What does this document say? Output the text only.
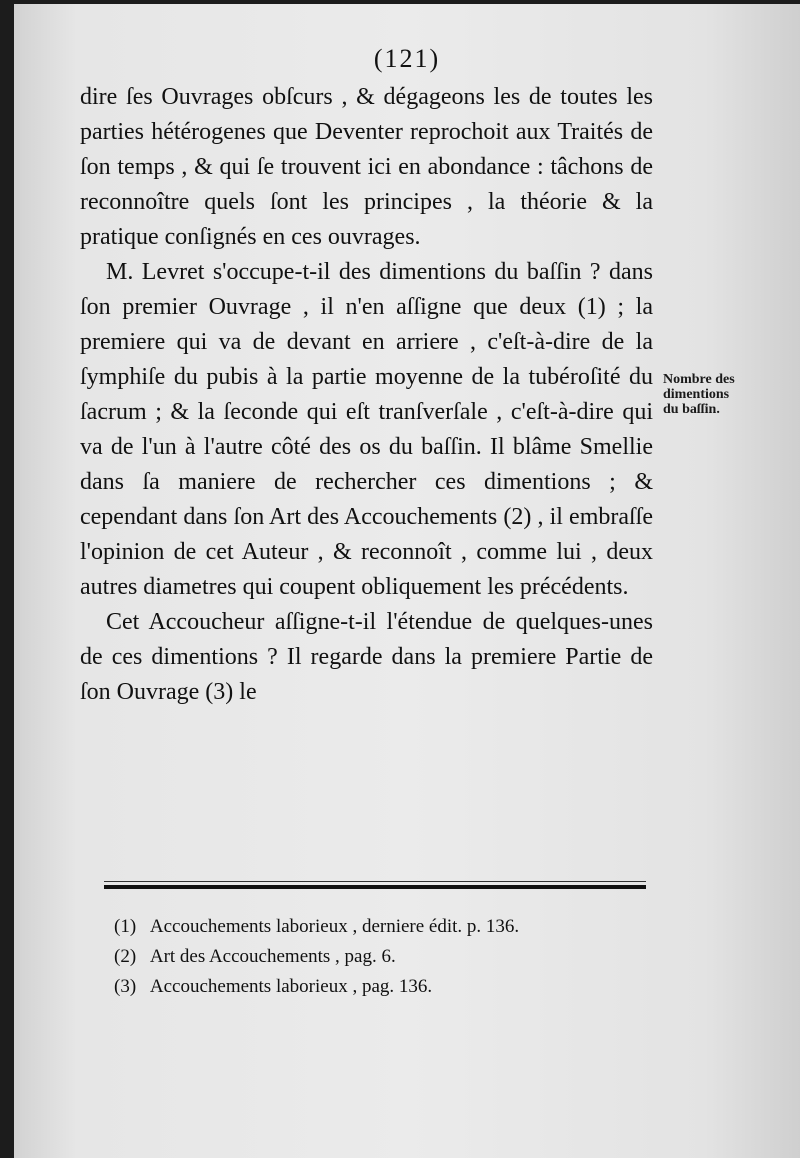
(121)

dire ſes Ouvrages obſcurs , & dégageons les de toutes les parties hétérogenes que Deventer reprochoit aux Traités de ſon temps , & qui ſe trouvent ici en abondance : tâchons de reconnoître quels ſont les principes , la théorie & la pratique conſignés en ces ouvrages.

M. Levret s'occupe-t-il des dimentions du baſſin ? dans ſon premier Ouvrage , il n'en aſſigne que deux (1) ; la premiere qui va de devant en arriere , c'eſt-à-dire de la ſymphiſe du pubis à la partie moyenne de la tubéroſité du ſacrum ; & la ſeconde qui eſt tranſverſale , c'eſt-à-dire qui va de l'un à l'autre côté des os du baſſin. Il blâme Smellie dans ſa maniere de rechercher ces dimentions ; & cependant dans ſon Art des Accouchements (2) , il embraſſe l'opinion de cet Auteur , & reconnoît , comme lui , deux autres diametres qui coupent obliquement les précédents.

Cet Accoucheur aſſigne-t-il l'étendue de quelques-unes de ces dimentions ? Il regarde dans la premiere Partie de ſon Ouvrage (3) le

Nombre des
dimentions
du baſſin.
(1) Accouchements laborieux , derniere édit. p. 136.
(2) Art des Accouchements , pag. 6.
(3) Accouchements laborieux , pag. 136.
